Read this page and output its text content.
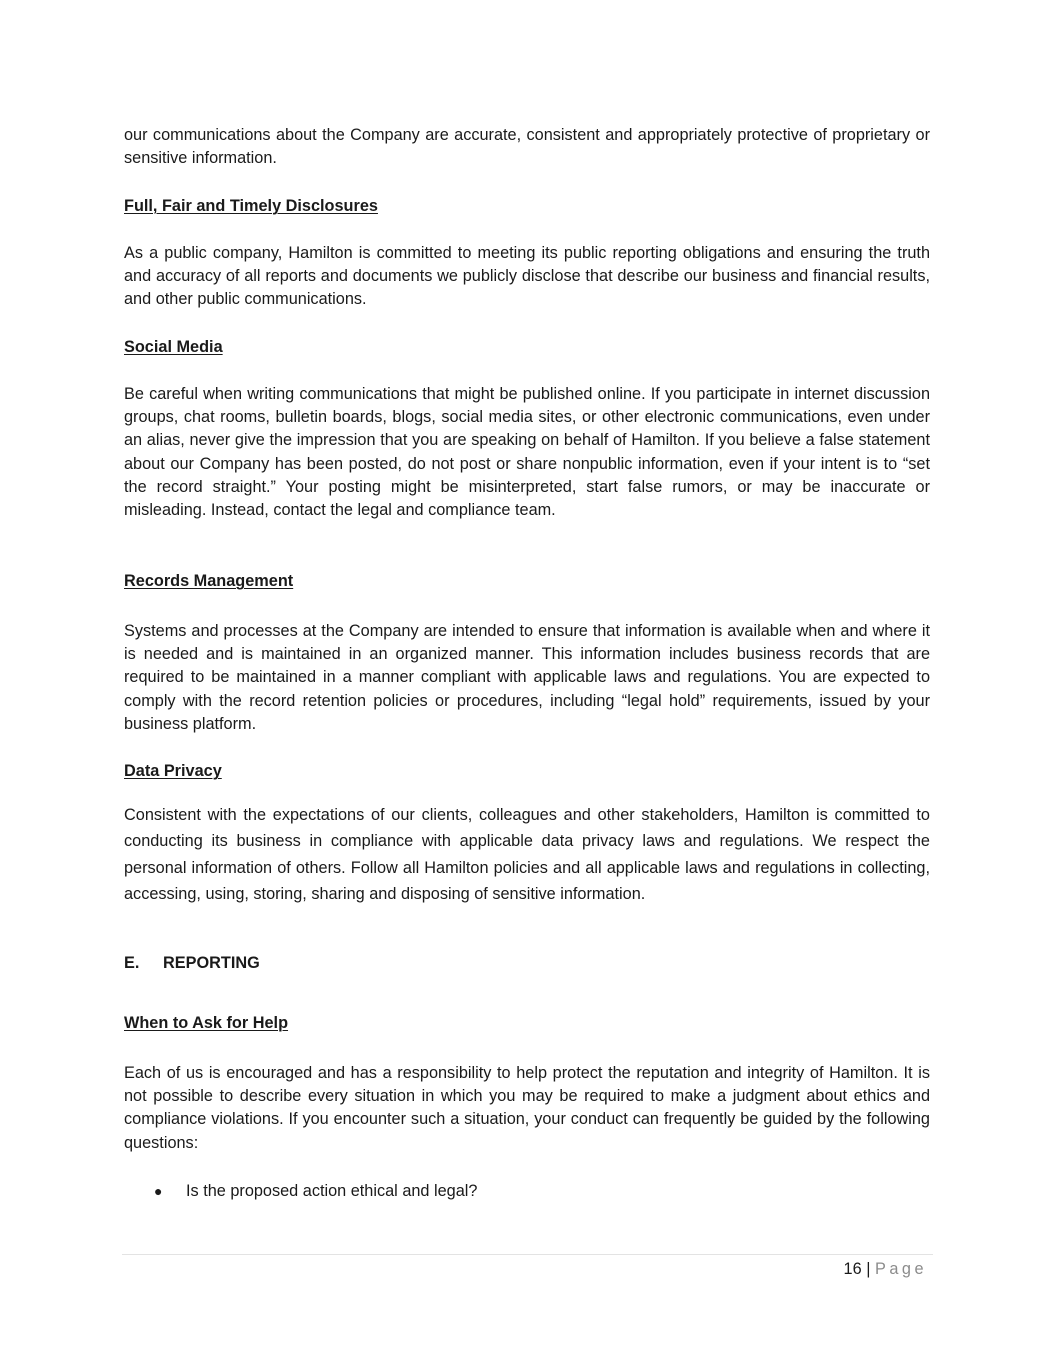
our communications about the Company are accurate, consistent and appropriately protective of proprietary or sensitive information.

Full, Fair and Timely Disclosures

As a public company, Hamilton is committed to meeting its public reporting obligations and ensuring the truth and accuracy of all reports and documents we publicly disclose that describe our business and financial results, and other public communications.

Social Media

Be careful when writing communications that might be published online. If you participate in internet discussion groups, chat rooms, bulletin boards, blogs, social media sites, or other electronic communications, even under an alias, never give the impression that you are speaking on behalf of Hamilton. If you believe a false statement about our Company has been posted, do not post or share nonpublic information, even if your intent is to “set the record straight.” Your posting might be misinterpreted, start false rumors, or may be inaccurate or misleading. Instead, contact the legal and compliance team.

Records Management

Systems and processes at the Company are intended to ensure that information is available when and where it is needed and is maintained in an organized manner. This information includes business records that are required to be maintained in a manner compliant with applicable laws and regulations. You are expected to comply with the record retention policies or procedures, including “legal hold” requirements, issued by your business platform.

Data Privacy

Consistent with the expectations of our clients, colleagues and other stakeholders, Hamilton is committed to conducting its business in compliance with applicable data privacy laws and regulations. We respect the personal information of others. Follow all Hamilton policies and all applicable laws and regulations in collecting, accessing, using, storing, sharing and disposing of sensitive information.

E. REPORTING
When to Ask for Help

Each of us is encouraged and has a responsibility to help protect the reputation and integrity of Hamilton. It is not possible to describe every situation in which you may be required to make a judgment about ethics and compliance violations. If you encounter such a situation, your conduct can frequently be guided by the following questions:

● Is the proposed action ethical and legal?
16 | Page
